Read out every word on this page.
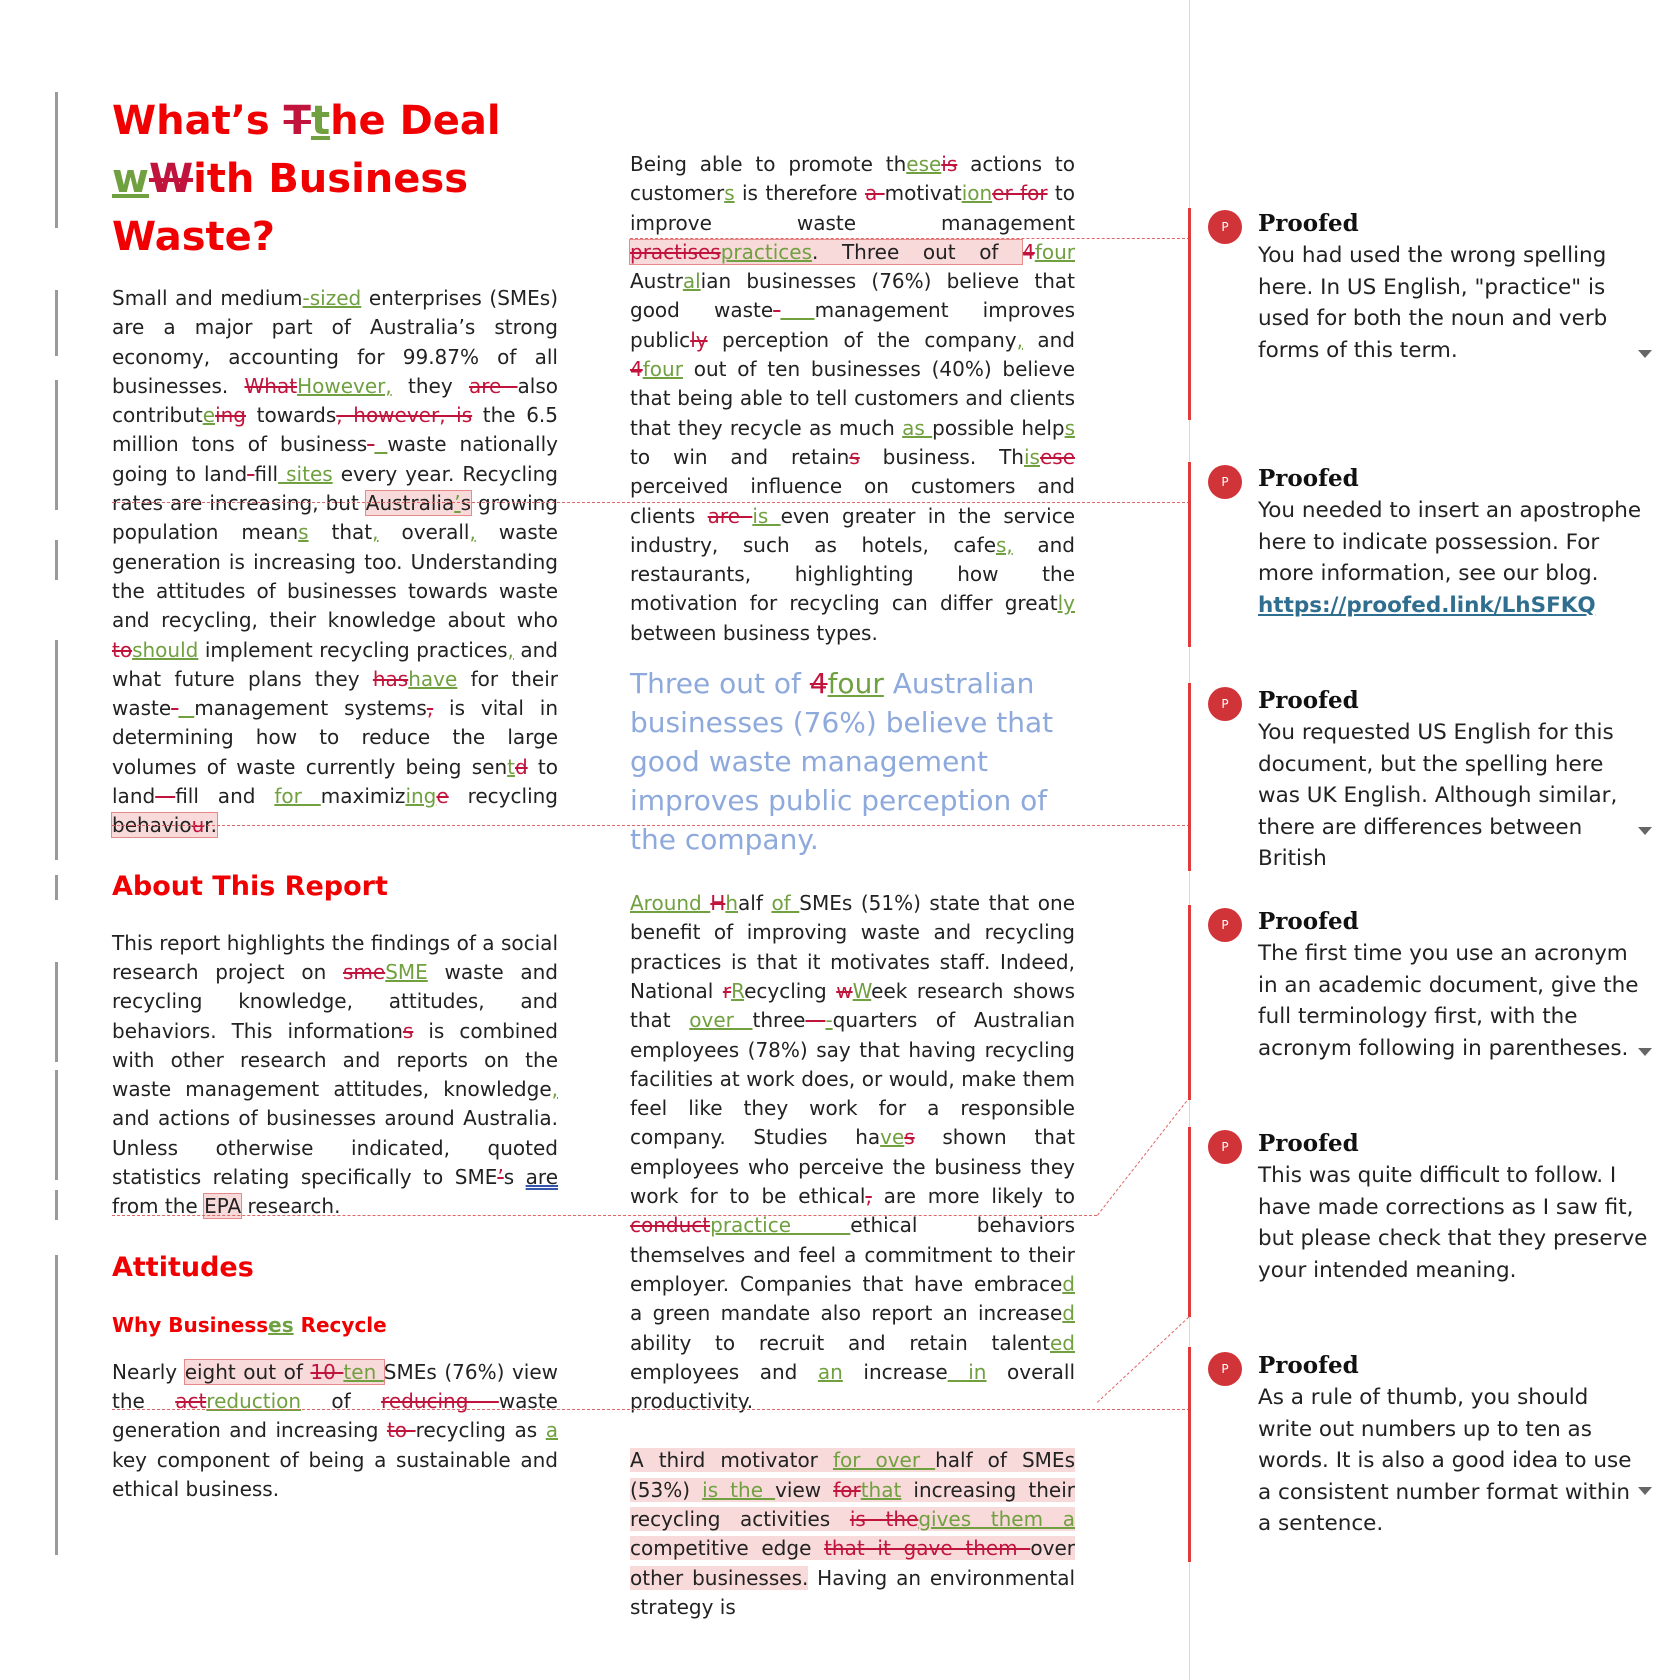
What’s Tthe Deal
wWith Business Waste?

Small and medium-sized enterprises (SMEs) are a major part of Australia’s strong economy, accounting for 99.87% of all businesses. WhatHowever, they are also contributeing towards, however, is the 6.5 million tons of business- waste nationally going to land-fill sites every year. Recycling rates are increasing, but Australia’s growing population means that, overall, waste generation is increasing too. Understanding the attitudes of businesses towards waste and recycling, their knowledge about who toshould implement recycling practices, and what future plans they hashave for their waste- management systems, is vital in determining how to reduce the large volumes of waste currently being sentd to land—fill and for maximizinge recycling behaviour.

About This Report

This report highlights the findings of a social research project on smeSME waste and recycling knowledge, attitudes, and behaviors. This informations is combined with other research and reports on the waste management attitudes, knowledge, and actions of businesses around Australia. Unless otherwise indicated, quoted statistics relating specifically to SME’s are from the EPA research.

Attitudes
Why Businesses Recycle

Nearly eight out of 10 ten SMEs (76%) view the actreduction of reducing waste generation and increasing to recycling as a key component of being a sustainable and ethical business.

Being able to promote theseis actions to customers is therefore a motivationer for to improve waste management practisespractices. Three out of 4four Australian businesses (76%) believe that good waste- management improves publicly perception of the company, and 4four out of ten businesses (40%) believe that being able to tell customers and clients that they recycle as much as possible helps to win and retains business. Thisese perceived influence on customers and clients are is even greater in the service industry, such as hotels, cafes, and restaurants, highlighting how the motivation for recycling can differ greatly between business types.

Three out of 4four Australian businesses (76%) believe that good waste management improves public perception of the company.

Around Hhalf of SMEs (51%) state that one benefit of improving waste and recycling practices is that it motivates staff. Indeed, National rRecycling wWeek research shows that over three—-quarters of Australian employees (78%) say that having recycling facilities at work does, or would, make them feel like they work for a responsible company. Studies haves shown that employees who perceive the business they work for to be ethical, are more likely to conductpractice ethical behaviors themselves and feel a commitment to their employer. Companies that have embraced a green mandate also report an increased ability to recruit and retain talented employees and an increase in overall productivity.

A third motivator for over half of SMEs (53%) is the view forthat increasing their recycling activities is thegives them a competitive edge that it gave them over other businesses. Having an environmental strategy is

P	Proofed
You had used the wrong spelling here. In US English, "practice" is used for both the noun and verb forms of this term.
P	Proofed
You needed to insert an apostrophe here to indicate possession. For more information, see our blog.
https://proofed.link/LhSFKQ
P	Proofed
You requested US English for this document, but the spelling here was UK English. Although similar, there are differences between British
P	Proofed
The first time you use an acronym in an academic document, give the full terminology first, with the acronym following in parentheses.
P	Proofed
This was quite difficult to follow. I have made corrections as I saw fit, but please check that they preserve your intended meaning.
P	Proofed
As a rule of thumb, you should write out numbers up to ten as words. It is also a good idea to use a consistent number format within a sentence.
